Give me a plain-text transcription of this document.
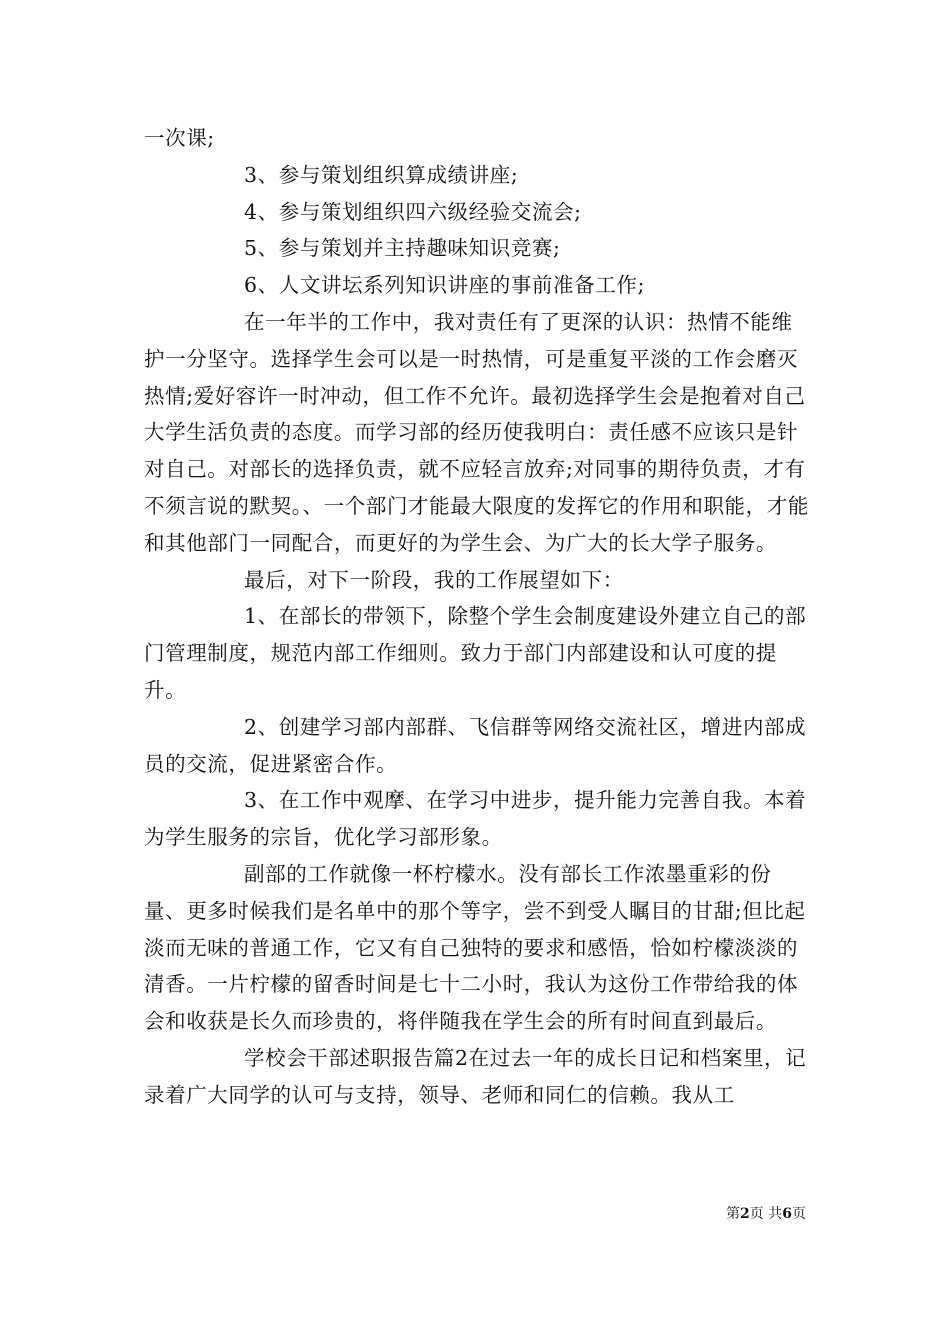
一次课;

3、参与策划组织算成绩讲座;

4、参与策划组织四六级经验交流会;

5、参与策划并主持趣味知识竞赛;

6、人文讲坛系列知识讲座的事前准备工作;

在一年半的工作中，我对责任有了更深的认识：热情不能维护一分坚守。选择学生会可以是一时热情，可是重复平淡的工作会磨灭热情;爱好容许一时冲动，但工作不允许。最初选择学生会是抱着对自己大学生活负责的态度。而学习部的经历使我明白：责任感不应该只是针对自己。对部长的选择负责，就不应轻言放弃;对同事的期待负责，才有不须言说的默契。、一个部门才能最大限度的发挥它的作用和职能，才能和其他部门一同配合，而更好的为学生会、为广大的长大学子服务。

最后，对下一阶段，我的工作展望如下：

1、在部长的带领下，除整个学生会制度建设外建立自己的部门管理制度，规范内部工作细则。致力于部门内部建设和认可度的提升。

2、创建学习部内部群、飞信群等网络交流社区，增进内部成员的交流，促进紧密合作。

3、在工作中观摩、在学习中进步，提升能力完善自我。本着为学生服务的宗旨，优化学习部形象。

副部的工作就像一杯柠檬水。没有部长工作浓墨重彩的份量、更多时候我们是名单中的那个等字，尝不到受人瞩目的甘甜;但比起淡而无味的普通工作，它又有自己独特的要求和感悟，恰如柠檬淡淡的清香。一片柠檬的留香时间是七十二小时，我认为这份工作带给我的体会和收获是长久而珍贵的，将伴随我在学生会的所有时间直到最后。

学校会干部述职报告篇2在过去一年的成长日记和档案里，记录着广大同学的认可与支持，领导、老师和同仁的信赖。我从工

第2页 共6页
